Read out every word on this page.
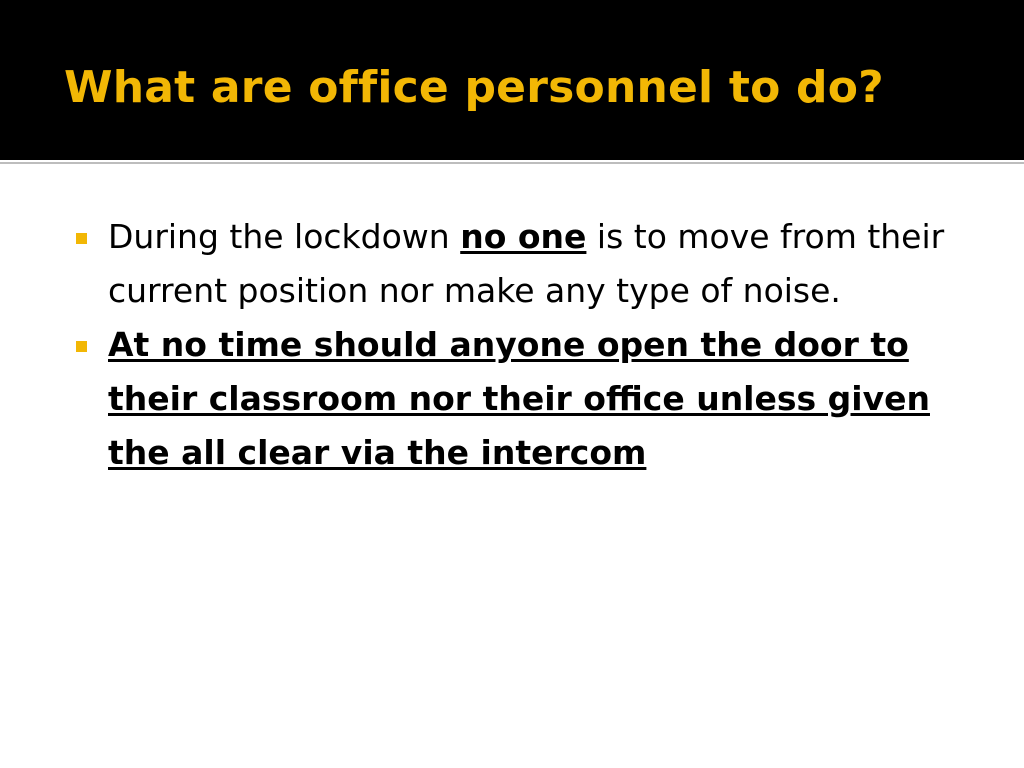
What are office personnel to do?
During the lockdown no one is to move from their current position nor make any type of noise.
At no time should anyone open the door to their classroom nor their office unless given the all clear via the intercom
